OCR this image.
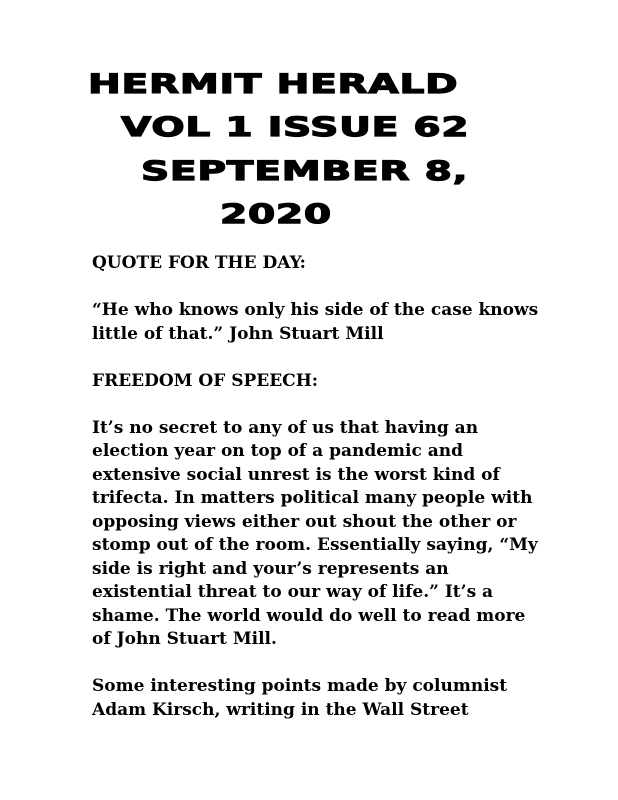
HERMIT HERALD
VOL 1 ISSUE 62
SEPTEMBER 8,
2020

QUOTE FOR THE DAY:

“He who knows only his side of the case knows
little of that.” John Stuart Mill

FREEDOM OF SPEECH:

It’s no secret to any of us that having an
election year on top of a pandemic and
extensive social unrest is the worst kind of
trifecta. In matters political many people with
opposing views either out shout the other or
stomp out of the room. Essentially saying, “My
side is right and your’s represents an
existential threat to our way of life.” It’s a
shame. The world would do well to read more
of John Stuart Mill.

Some interesting points made by columnist
Adam Kirsch, writing in the Wall Street
